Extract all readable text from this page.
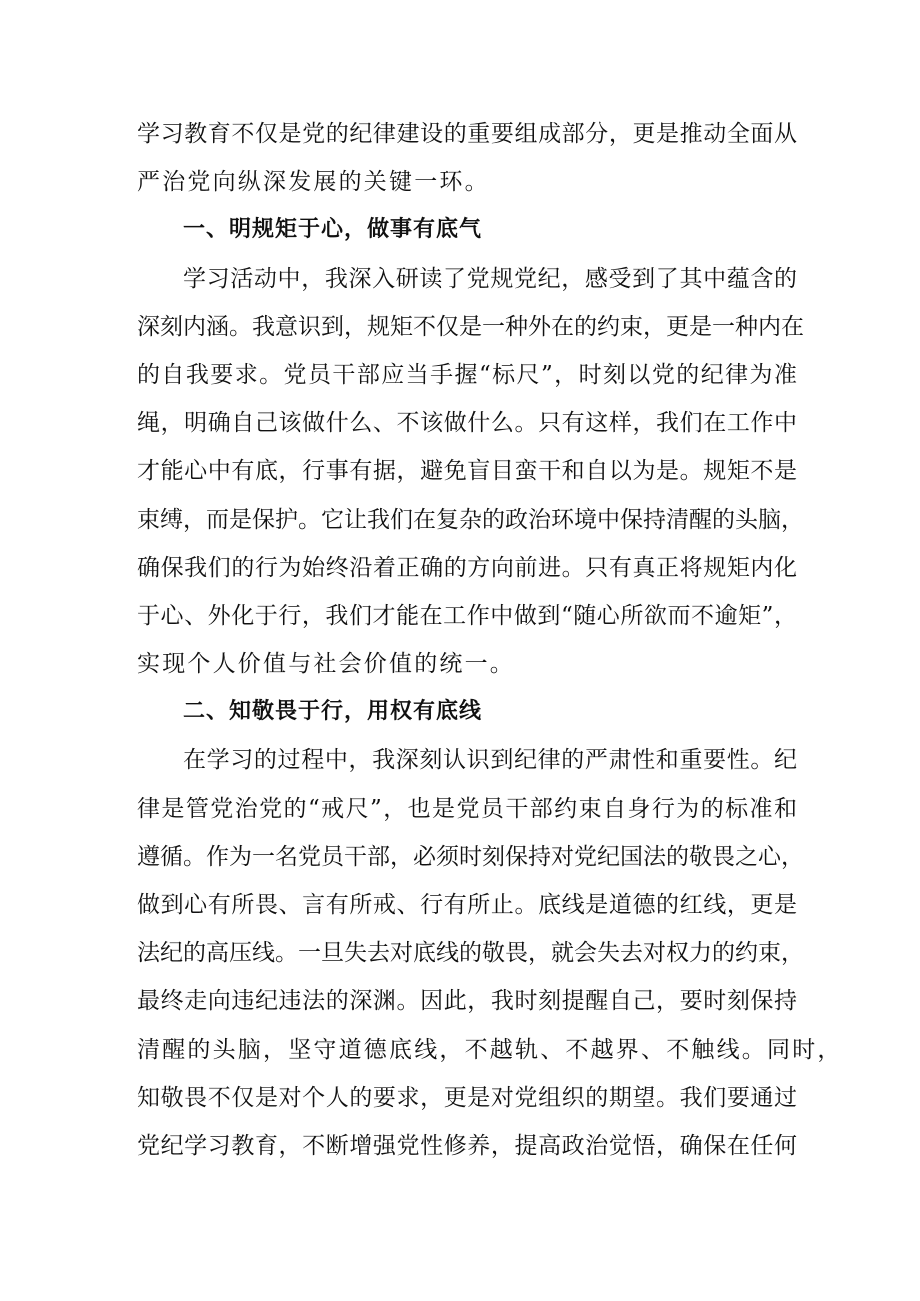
学习教育不仅是党的纪律建设的重要组成部分，更是推动全面从
严治党向纵深发展的关键一环。
一、明规矩于心，做事有底气
学习活动中，我深入研读了党规党纪，感受到了其中蕴含的
深刻内涵。我意识到，规矩不仅是一种外在的约束，更是一种内在
的自我要求。党员干部应当手握“标尺”，时刻以党的纪律为准
绳，明确自己该做什么、不该做什么。只有这样，我们在工作中
才能心中有底，行事有据，避免盲目蛮干和自以为是。规矩不是
束缚，而是保护。它让我们在复杂的政治环境中保持清醒的头脑，
确保我们的行为始终沿着正确的方向前进。只有真正将规矩内化
于心、外化于行，我们才能在工作中做到“随心所欲而不逾矩”，
实现个人价值与社会价值的统一。
二、知敬畏于行，用权有底线
在学习的过程中，我深刻认识到纪律的严肃性和重要性。纪
律是管党治党的“戒尺”，也是党员干部约束自身行为的标准和
遵循。作为一名党员干部，必须时刻保持对党纪国法的敬畏之心，
做到心有所畏、言有所戒、行有所止。底线是道德的红线，更是
法纪的高压线。一旦失去对底线的敬畏，就会失去对权力的约束，
最终走向违纪违法的深渊。因此，我时刻提醒自己，要时刻保持
清醒的头脑，坚守道德底线，不越轨、不越界、不触线。同时，
知敬畏不仅是对个人的要求，更是对党组织的期望。我们要通过
党纪学习教育，不断增强党性修养，提高政治觉悟，确保在任何
